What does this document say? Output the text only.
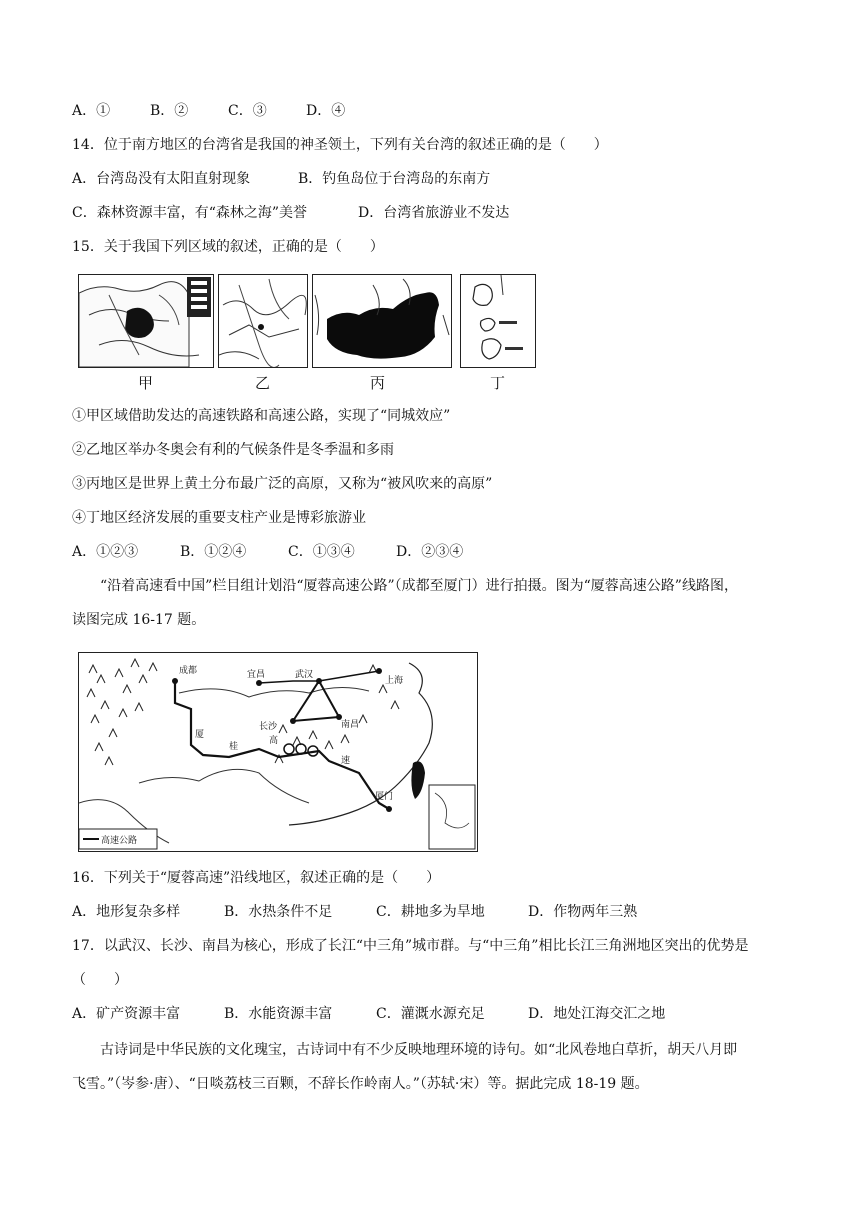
A．①	B．②	C．③	D．④
14．位于南方地区的台湾省是我国的神圣领土，下列有关台湾的叙述正确的是（　　）
A．台湾岛没有太阳直射现象	B．钓鱼岛位于台湾岛的东南方
C．森林资源丰富，有“森林之海”美誉	D．台湾省旅游业不发达
15．关于我国下列区域的叙述，正确的是（　　）
甲	乙	丙	丁
①甲区域借助发达的高速铁路和高速公路，实现了“同城效应”
②乙地区举办冬奥会有利的气候条件是冬季温和多雨
③丙地区是世界上黄土分布最广泛的高原，又称为“被风吹来的高原”
④丁地区经济发展的重要支柱产业是博彩旅游业
A．①②③	B．①②④	C．①③④	D．②③④
“沿着高速看中国”栏目组计划沿“厦蓉高速公路”（成都至厦门）进行拍摄。图为“厦蓉高速公路”线路图，
读图完成 16-17 题。
高速公路
成都	宜昌	武汉
上海
长沙	南昌
厦
桂
高
速
厦门
16．下列关于“厦蓉高速”沿线地区，叙述正确的是（　　）
A．地形复杂多样	B．水热条件不足	C．耕地多为旱地	D．作物两年三熟
17．以武汉、长沙、南昌为核心，形成了长江“中三角”城市群。与“中三角”相比长江三角洲地区突出的优势是
（　　）
A．矿产资源丰富	B．水能资源丰富	C．灌溉水源充足	D．地处江海交汇之地
古诗词是中华民族的文化瑰宝，古诗词中有不少反映地理环境的诗句。如“北风卷地白草折，胡天八月即
飞雪。”（岑参·唐）、“日啖荔枝三百颗，不辞长作岭南人。”（苏轼·宋）等。据此完成 18-19 题。
